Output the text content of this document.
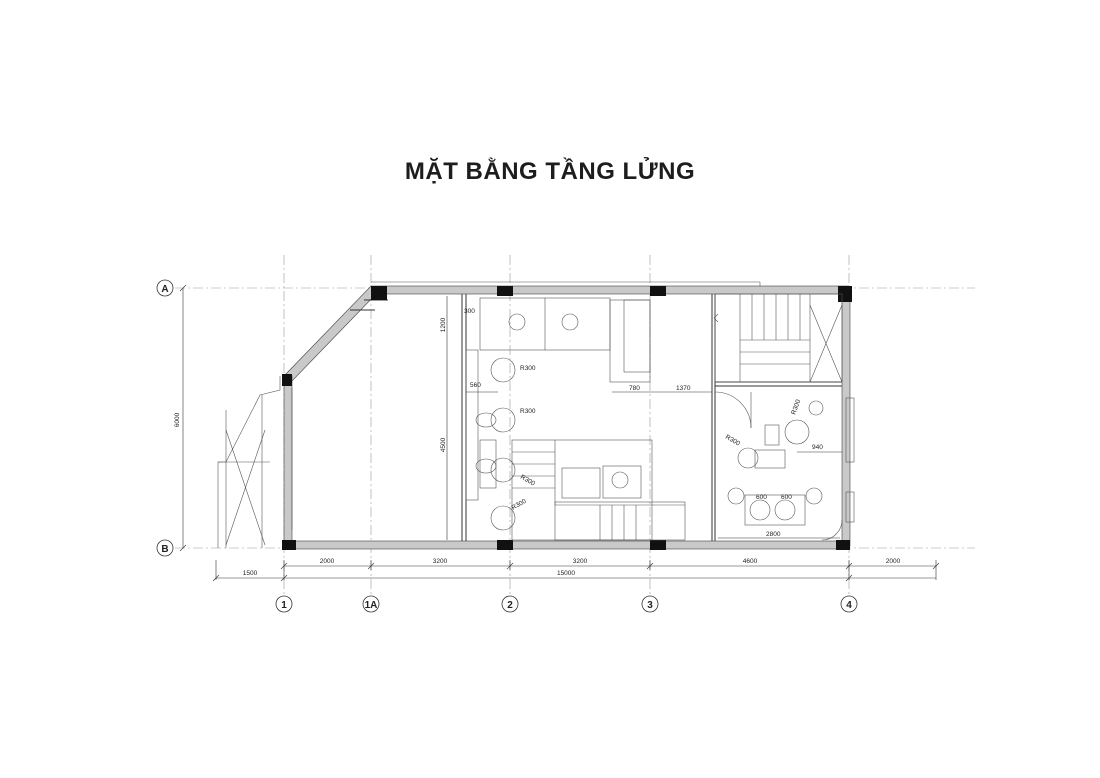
MẶT BẰNG TẦNG LỬNG
6000
1200
4500
300
560	780	1370
940
600 600
2800
R300
R300
R300
R300
R300
R300
1500
2000	3200	3200	4600	2000
15000
A
B
1	1A	2	3	4
